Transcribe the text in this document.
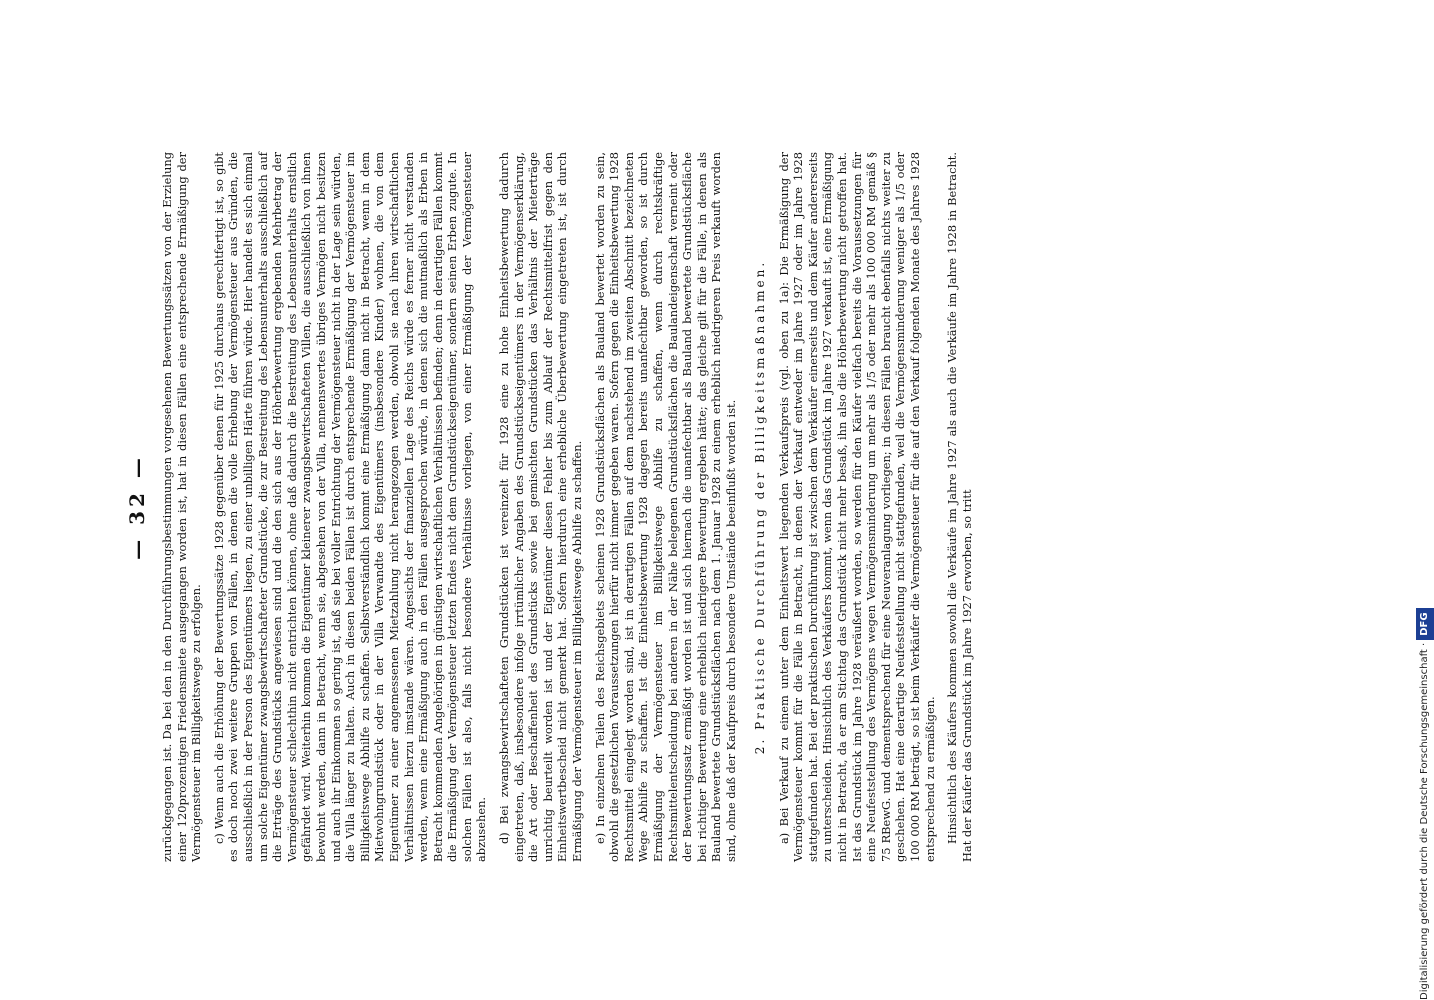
— 32 — zurückgegangen ist. Da bei den in den Durchführungsbestimmungen vorgesehenen Bewertungssätzen von der Erzielung einer 120prozentigen Friedensmiete ausgegangen worden ist, hat in diesen Fällen eine entsprechende Ermäßigung der Vermögensteuer im Billigkeitswege zu erfolgen. c) Wenn auch die Erhöhung der Bewertungssätze 1928 gegenüber denen für 1925 durchaus gerechtfertigt ist, so gibt es doch noch zwei weitere Gruppen von Fällen, in denen die volle Erhebung der Vermögensteuer aus Gründen, die ausschließlich in der Person des Eigentümers liegen, zu einer unbilligen Härte führen würde. Hier handelt es sich einmal um solche Eigentümer zwangsbewirtschafteter Grundstücke, die zur Bestreitung des Lebensunterhalts ausschließlich auf die Erträge des Grundstücks angewiesen sind und die den sich aus der Höherbewertung ergebenden Mehrbetrag der Vermögensteuer schlechthin nicht entrichten können, ohne daß dadurch die Bestreitung des Lebensunterhalts ernstlich gefährdet wird. Weiterhin kommen die Eigentümer kleinerer zwangsbewirtschafteten Villen, die ausschließlich von ihnen bewohnt werden, dann in Betracht, wenn sie, abgesehen von der Villa, nennenswertes übriges Vermögen nicht besitzen und auch ihr Einkommen so gering ist, daß sie bei voller Entrichtung der Vermögensteuer nicht in der Lage sein würden, die Villa länger zu halten. Auch in diesen beiden Fällen ist durch entsprechende Ermäßigung der Vermögensteuer im Billigkeitswege Abhilfe zu schaffen. Selbstverständlich kommt eine Ermäßigung dann nicht in Betracht, wenn in dem Mietwohngrundstück oder in der Villa Verwandte des Eigentümers (insbesondere Kinder) wohnen, die von dem Eigentümer zu einer angemessenen Mietzahlung nicht herangezogen werden, obwohl sie nach ihren wirtschaftlichen Verhältnissen hierzu imstande wären. Angesichts der finanziellen Lage des Reichs würde es ferner nicht verstanden werden, wenn eine Ermäßigung auch in den Fällen ausgesprochen würde, in denen sich die mutmaßlich als Erben in Betracht kommenden Angehörigen in günstigen wirtschaftlichen Verhältnissen befinden; denn in derartigen Fällen kommt die Ermäßigung der Vermögensteuer letzten Endes nicht dem Grundstückseigentümer, sondern seinen Erben zugute. In solchen Fällen ist also, falls nicht besondere Verhältnisse vorliegen, von einer Ermäßigung der Vermögensteuer abzusehen. d) Bei zwangsbewirtschafteten Grundstücken ist vereinzelt für 1928 eine zu hohe Einheitsbewertung dadurch eingetreten, daß, insbesondere infolge irrtümlicher Angaben des Grundstückseigentümers in der Vermögenserklärung, die Art oder Beschaffenheit des Grundstücks sowie bei gemischten Grundstücken das Verhältnis der Mieterträge unrichtig beurteilt worden ist und der Eigentümer diesen Fehler bis zum Ablauf der Rechtsmittelfrist gegen den Einheitswertbescheid nicht gemerkt hat. Sofern hierdurch eine erhebliche Überbewertung eingetreten ist, ist durch Ermäßigung der Vermögensteuer im Billigkeitswege Abhilfe zu schaffen. e) In einzelnen Teilen des Reichsgebiets scheinen 1928 Grundstücksflächen als Bauland bewertet worden zu sein, obwohl die gesetzlichen Voraussetzungen hierfür nicht immer gegeben waren. Sofern gegen die Einheitsbewertung 1928 Rechtsmittel eingelegt worden sind, ist in derartigen Fällen auf dem nachstehend im zweiten Abschnitt bezeichneten Wege Abhilfe zu schaffen. Ist die Einheitsbewertung 1928 dagegen bereits unanfechtbar geworden, so ist durch Ermäßigung der Vermögensteuer im Billigkeitswege Abhilfe zu schaffen, wenn durch rechtskräftige Rechtsmittelentscheidung bei anderen in der Nähe belegenen Grundstücksflächen die Baulandeigenschaft verneint oder der Bewertungssatz ermäßigt worden ist und sich hiernach die unanfechtbar als Bauland bewertete Grundstücksfläche bei richtiger Bewertung eine erheblich niedrigere Bewertung ergeben hätte; das gleiche gilt für die Fälle, in denen als Bauland bewertete Grundstücksflächen nach dem 1. Januar 1928 zu einem erheblich niedrigeren Preis verkauft worden sind, ohne daß der Kaufpreis durch besondere Umstände beeinflußt worden ist. 2. Praktische Durchführung der Billigkeitsmaßnahmen. a) Bei Verkauf zu einem unter dem Einheitswert liegenden Verkaufspreis (vgl. oben zu 1a): Die Ermäßigung der Vermögensteuer kommt für die Fälle in Betracht, in denen der Verkauf entweder im Jahre 1927 oder im Jahre 1928 stattgefunden hat. Bei der praktischen Durchführung ist zwischen dem Verkäufer einerseits und dem Käufer andererseits zu unterscheiden. Hinsichtlich des Verkäufers kommt, wenn das Grundstück im Jahre 1927 verkauft ist, eine Ermäßigung nicht in Betracht, da er am Stichtag das Grundstück nicht mehr besaß, ihn also die Höherbewertung nicht getroffen hat. Ist das Grundstück im Jahre 1928 veräußert worden, so werden für den Käufer vielfach bereits die Voraussetzungen für eine Neufeststellung des Vermögens wegen Vermögensminderung um mehr als 1/5 oder mehr als 100 000 RM gemäß § 75 RBewG. und dementsprechend für eine Neuveranlagung vorliegen; in diesen Fällen braucht ebenfalls nichts weiter zu geschehen. Hat eine derartige Neufeststellung nicht stattgefunden, weil die Vermögensminderung weniger als 1/5 oder 100 000 RM beträgt, so ist beim Verkäufer die Vermögensteuer für die auf den Verkauf folgenden Monate des Jahres 1928 entsprechend zu ermäßigen. Hinsichtlich des Käufers kommen sowohl die Verkäufe im Jahre 1927 als auch die Verkäufe im Jahre 1928 in Betracht. Hat der Käufer das Grundstück im Jahre 1927 erworben, so tritt	Digitalisierung gefördert durch die Deutsche Forschungsgemeinschaft ·DFG
